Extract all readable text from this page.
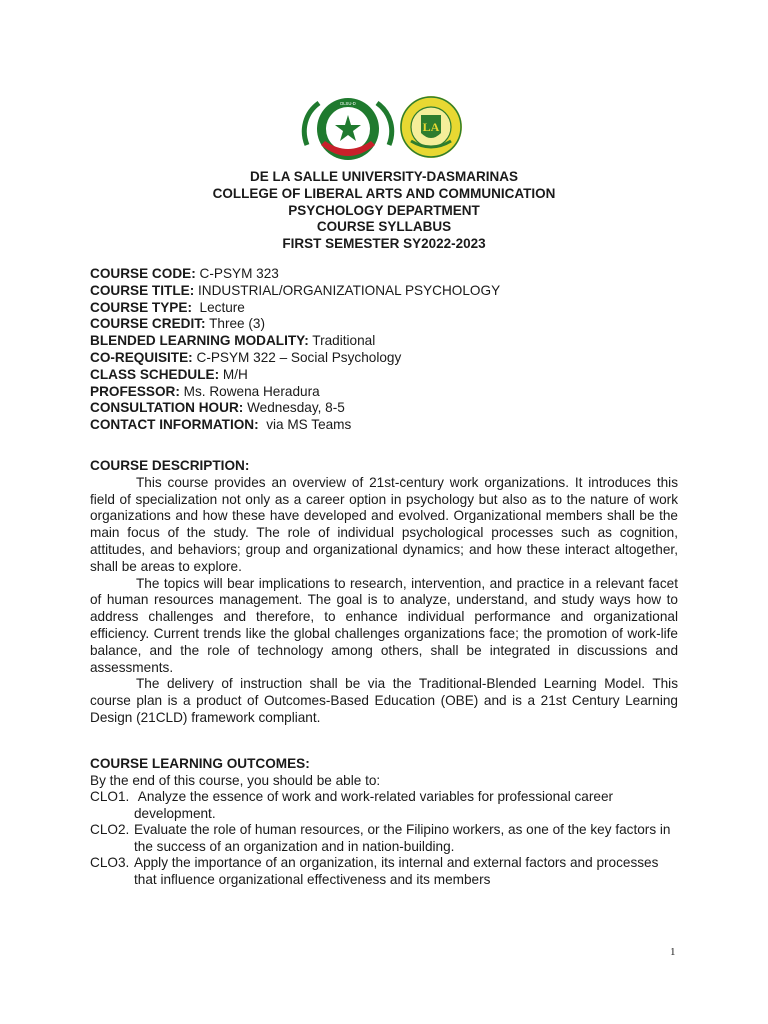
DLSU-D
LA
DE LA SALLE UNIVERSITY-DASMARINAS
COLLEGE OF LIBERAL ARTS AND COMMUNICATION
PSYCHOLOGY DEPARTMENT
COURSE SYLLABUS
FIRST SEMESTER SY2022-2023
COURSE CODE: C-PSYM 323
COURSE TITLE: INDUSTRIAL/ORGANIZATIONAL PSYCHOLOGY
COURSE TYPE:  Lecture
COURSE CREDIT: Three (3)
BLENDED LEARNING MODALITY: Traditional
CO-REQUISITE: C-PSYM 322 – Social Psychology
CLASS SCHEDULE: M/H
PROFESSOR: Ms. Rowena Heradura
CONSULTATION HOUR: Wednesday, 8-5
CONTACT INFORMATION:  via MS Teams
COURSE DESCRIPTION:

This course provides an overview of 21st-century work organizations. It introduces this field of specialization not only as a career option in psychology but also as to the nature of work organizations and how these have developed and evolved. Organizational members shall be the main focus of the study. The role of individual psychological processes such as cognition, attitudes, and behaviors; group and organizational dynamics; and how these interact altogether, shall be areas to explore.

The topics will bear implications to research, intervention, and practice in a relevant facet of human resources management. The goal is to analyze, understand, and study ways how to address challenges and therefore, to enhance individual performance and organizational efficiency. Current trends like the global challenges organizations face; the promotion of work-life balance, and the role of technology among others, shall be integrated in discussions and assessments.

The delivery of instruction shall be via the Traditional-Blended Learning Model. This course plan is a product of Outcomes-Based Education (OBE) and is a 21st Century Learning Design (21CLD) framework compliant.

COURSE LEARNING OUTCOMES:
By the end of this course, you should be able to:
CLO1. Analyze the essence of work and work-related variables for professional career development.
CLO2. Evaluate the role of human resources, or the Filipino workers, as one of the key factors in the success of an organization and in nation-building.
CLO3. Apply the importance of an organization, its internal and external factors and processes that influence organizational effectiveness and its members
1
